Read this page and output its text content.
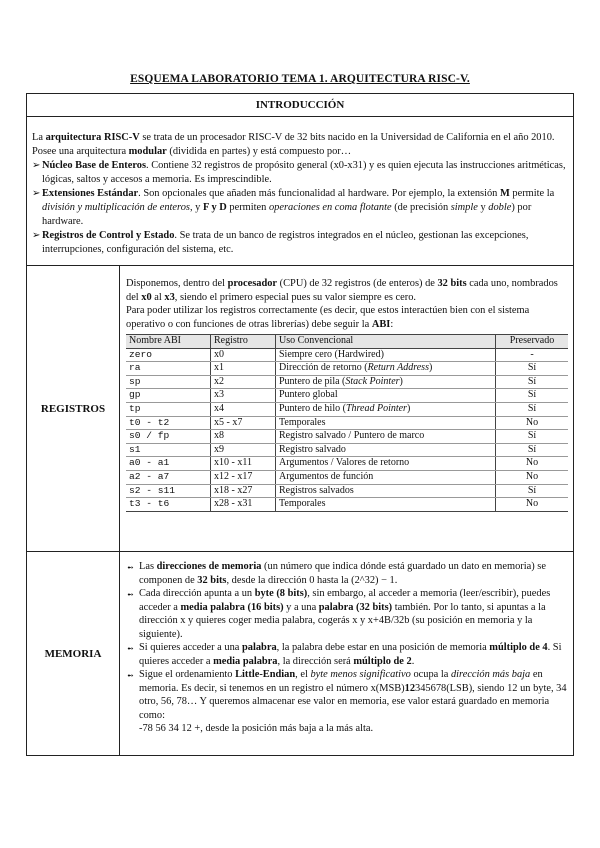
ESQUEMA LABORATORIO TEMA 1. ARQUITECTURA RISC-V.
INTRODUCCIÓN

La arquitectura RISC-V se trata de un procesador RISC-V de 32 bits nacido en la Universidad de California en el año 2010. Posee una arquitectura modular (dividida en partes) y está compuesto por…

➢ Núcleo Base de Enteros. Contiene 32 registros de propósito general (x0-x31) y es quien ejecuta las instrucciones aritméticas, lógicas, saltos y accesos a memoria. Es imprescindible.

➢ Extensiones Estándar. Son opcionales que añaden más funcionalidad al hardware. Por ejemplo, la extensión M permite la división y multiplicación de enteros, y F y D permiten operaciones en coma flotante (de precisión simple y doble) por hardware.

➢ Registros de Control y Estado. Se trata de un banco de registros integrados en el núcleo, gestionan las excepciones, interrupciones, configuración del sistema, etc.

REGISTROS

Disponemos, dentro del procesador (CPU) de 32 registros (de enteros) de 32 bits cada uno, nombrados del x0 al x3, siendo el primero especial pues su valor siempre es cero.

Para poder utilizar los registros correctamente (es decir, que estos interactúen bien con el sistema operativo o con funciones de otras librerías) debe seguir la ABI:

Nombre ABI	Registro	Uso Convencional	Preservado
zero	x0	Siempre cero (Hardwired)	-
ra	x1	Dirección de retorno (Return Address)	Sí
sp	x2	Puntero de pila (Stack Pointer)	Sí
gp	x3	Puntero global	Sí
tp	x4	Puntero de hilo (Thread Pointer)	Sí
t0 - t2	x5 - x7	Temporales	No
s0 / fp	x8	Registro salvado / Puntero de marco	Sí
s1	x9	Registro salvado	Sí
a0 - a1	x10 - x11	Argumentos / Valores de retorno	No
a2 - a7	x12 - x17	Argumentos de función	No
s2 - s11	x18 - x27	Registros salvados	Sí
t3 - t6	x28 - x31	Temporales	No
MEMORIA

➻ Las direcciones de memoria (un número que indica dónde está guardado un dato en memoria) se componen de 32 bits, desde la dirección 0 hasta la (2^32) − 1.

➻ Cada dirección apunta a un byte (8 bits), sin embargo, al acceder a memoria (leer/escribir), puedes acceder a media palabra (16 bits) y a una palabra (32 bits) también. Por lo tanto, si apuntas a la dirección x y quieres coger media palabra, cogerás x y x+4B/32b (su posición en memoria y la siguiente).

➻ Si quieres acceder a una palabra, la palabra debe estar en una posición de memoria múltiplo de 4. Si quieres acceder a media palabra, la dirección será múltiplo de 2.

➻ Sigue el ordenamiento Little-Endian, el byte menos significativo ocupa la dirección más baja en memoria. Es decir, si tenemos en un registro el número x(MSB)12345678(LSB), siendo 12 un byte, 34 otro, 56, 78… Y queremos almacenar ese valor en memoria, ese valor estará guardado en memoria como:

-78 56 34 12 +, desde la posición más baja a la más alta.
